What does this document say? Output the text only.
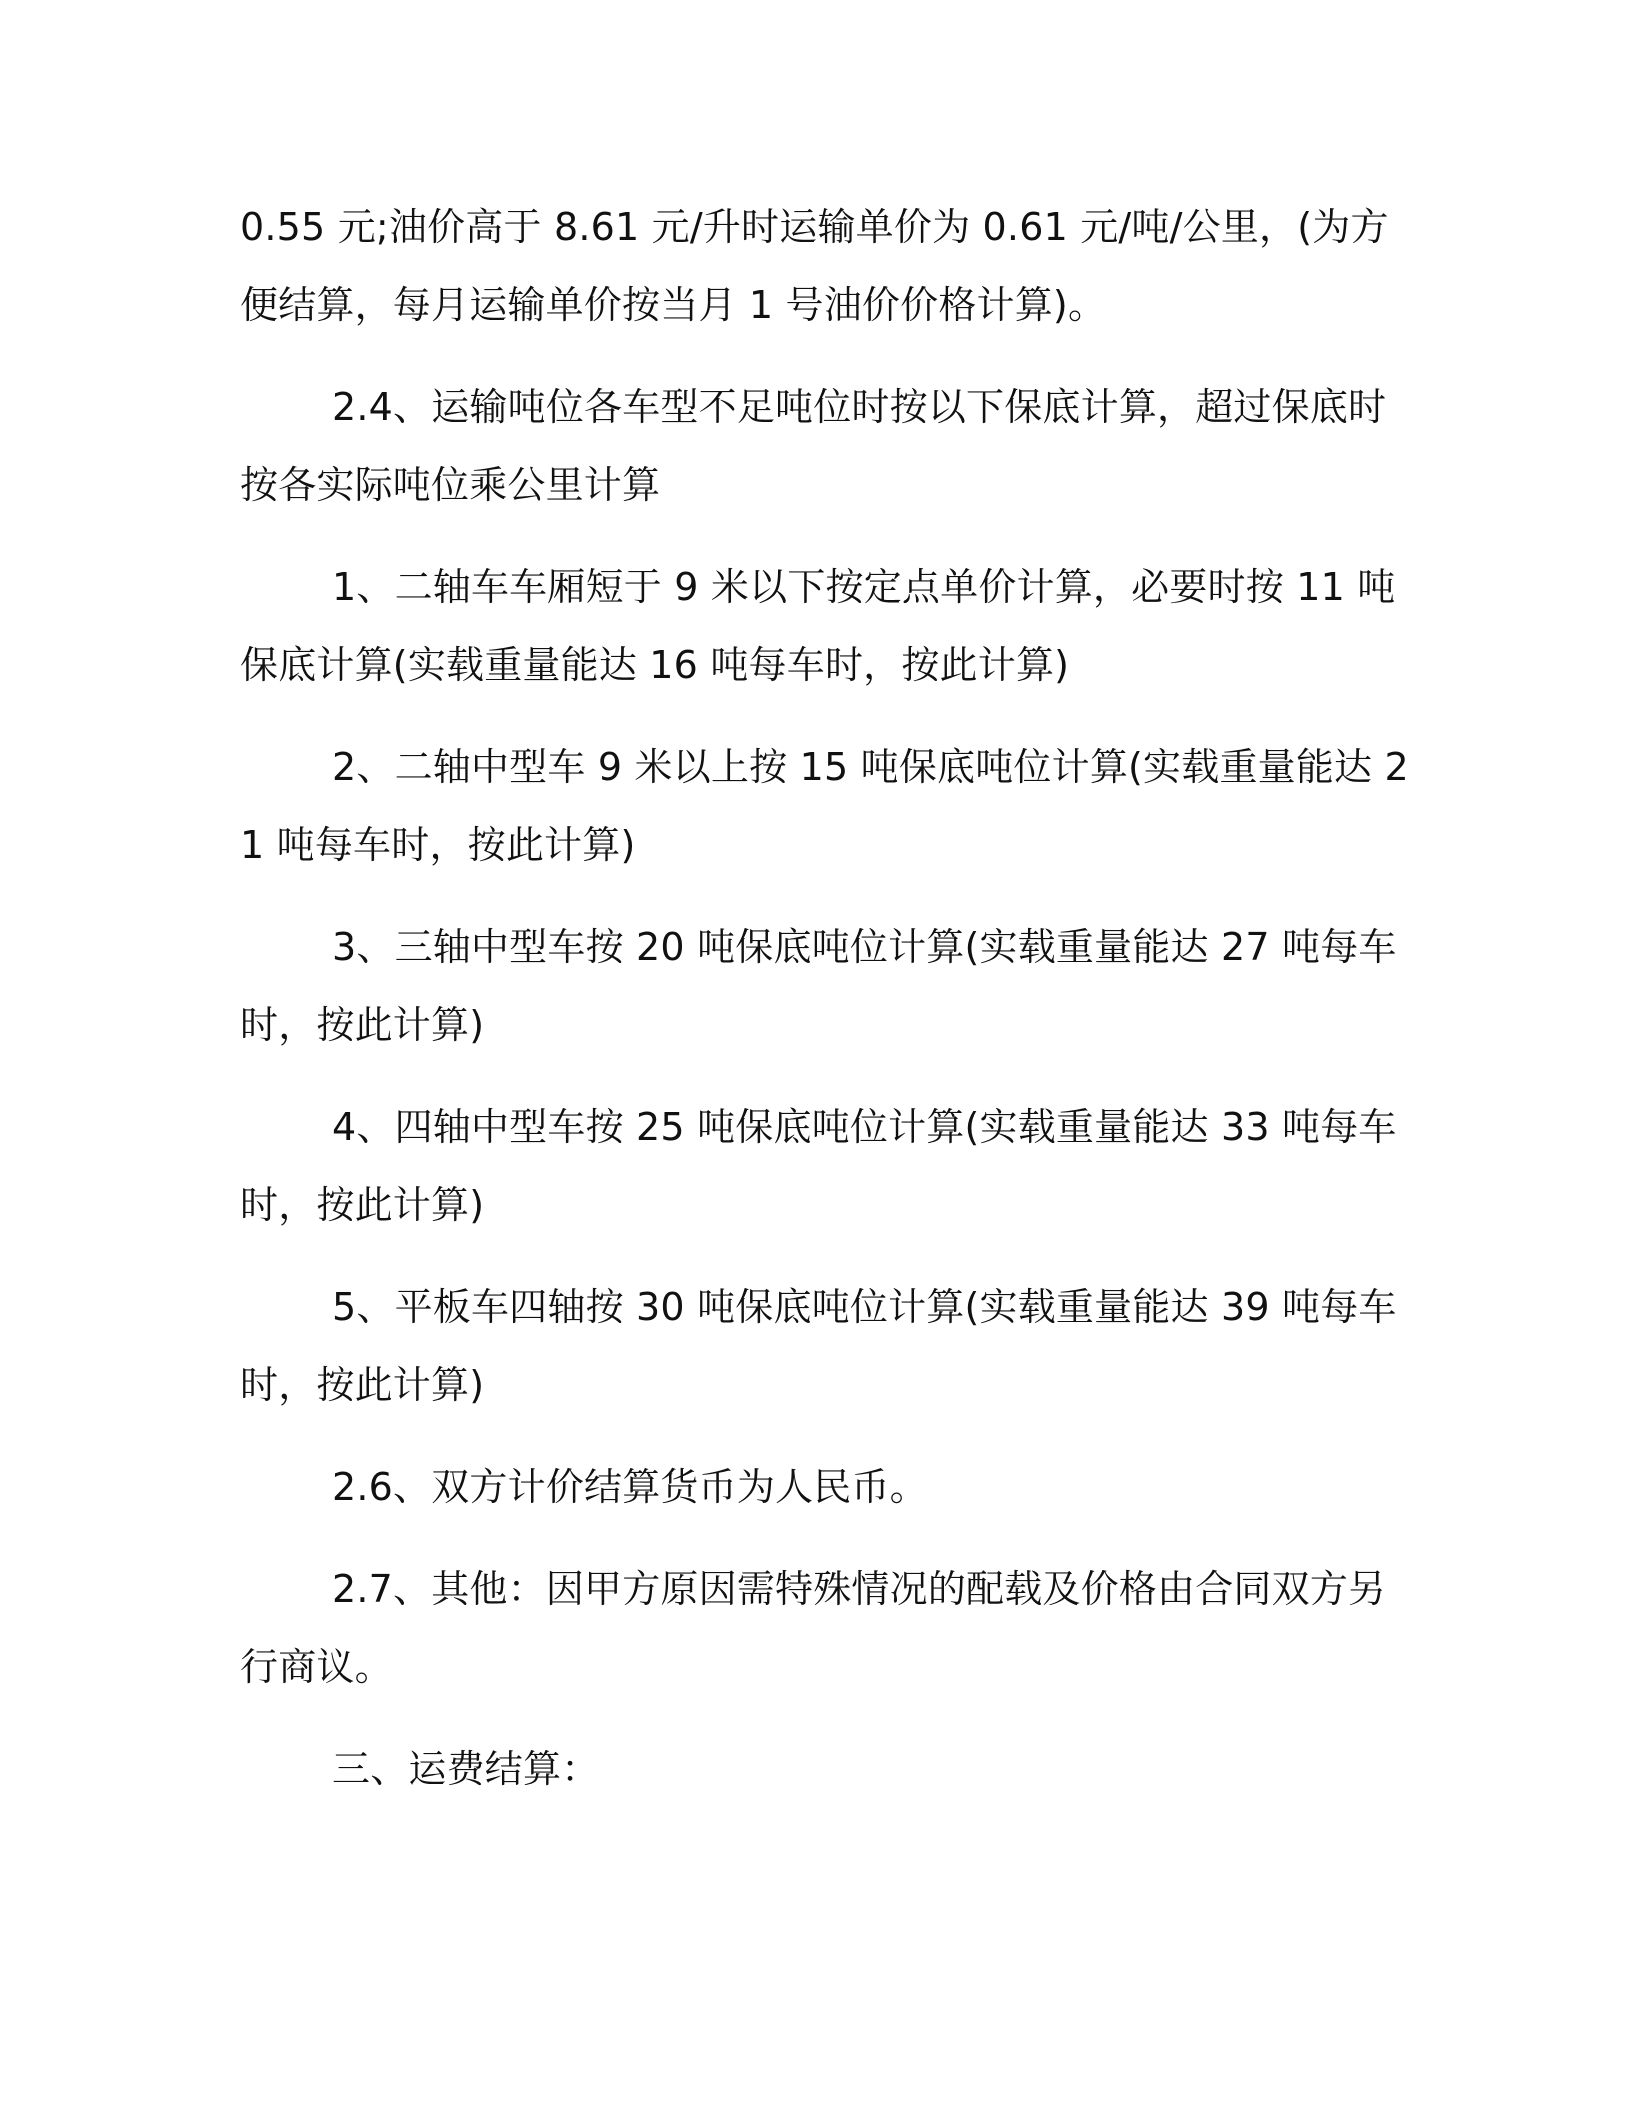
0.55 元;油价高于 8.61 元/升时运输单价为 0.61 元/吨/公里，(为方便结算，每月运输单价按当月 1 号油价价格计算)。

2.4、运输吨位各车型不足吨位时按以下保底计算，超过保底时按各实际吨位乘公里计算

1、二轴车车厢短于 9 米以下按定点单价计算，必要时按 11 吨保底计算(实载重量能达 16 吨每车时，按此计算)

2、二轴中型车 9 米以上按 15 吨保底吨位计算(实载重量能达 21 吨每车时，按此计算)

3、三轴中型车按 20 吨保底吨位计算(实载重量能达 27 吨每车时，按此计算)

4、四轴中型车按 25 吨保底吨位计算(实载重量能达 33 吨每车时，按此计算)

5、平板车四轴按 30 吨保底吨位计算(实载重量能达 39 吨每车时，按此计算)

2.6、双方计价结算货币为人民币。

2.7、其他：因甲方原因需特殊情况的配载及价格由合同双方另行商议。

三、运费结算：
